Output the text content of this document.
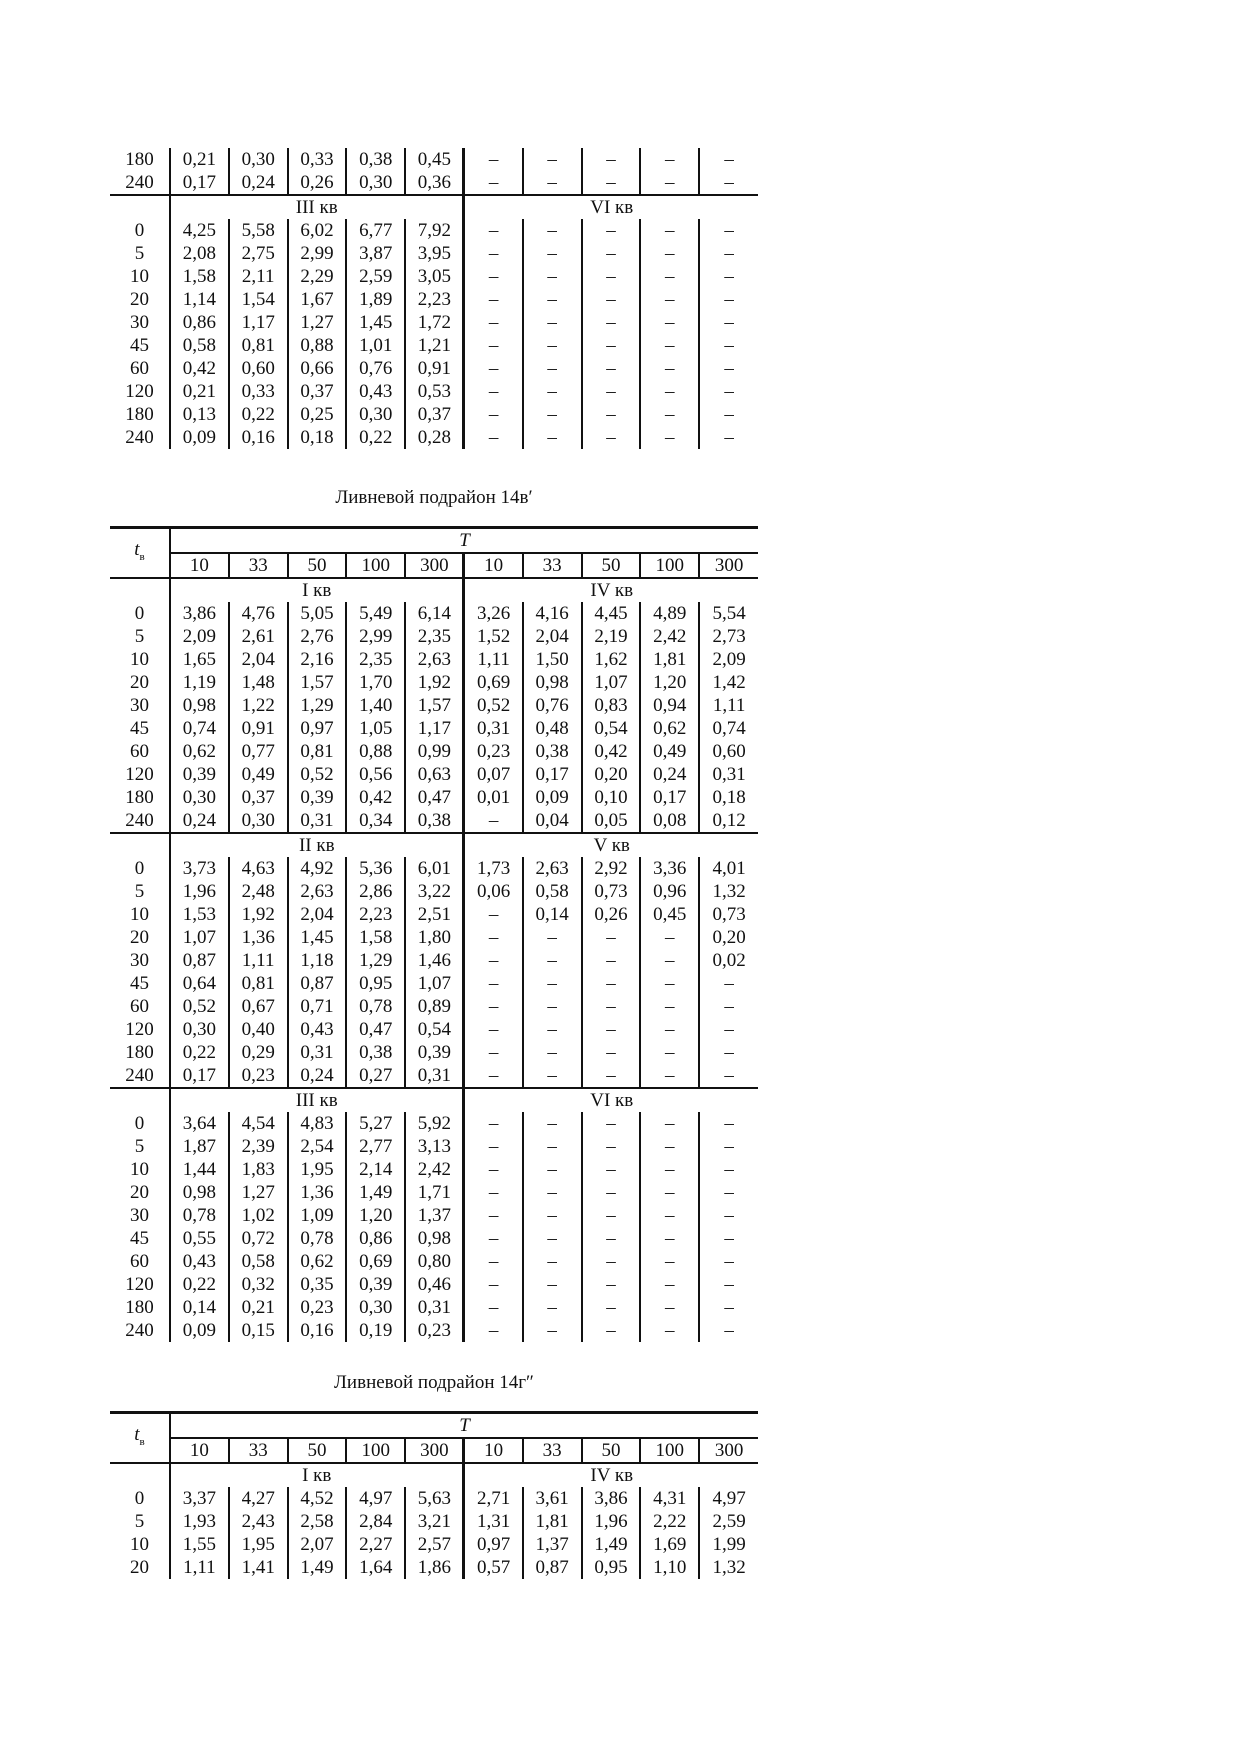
180	0,21	0,30	0,33	0,38	0,45	–	–	–	–	–
240	0,17	0,24	0,26	0,30	0,36	–	–	–	–	–
	III кв					VI кв				
0	4,25	5,58	6,02	6,77	7,92	–	–	–	–	–
5	2,08	2,75	2,99	3,87	3,95	–	–	–	–	–
10	1,58	2,11	2,29	2,59	3,05	–	–	–	–	–
20	1,14	1,54	1,67	1,89	2,23	–	–	–	–	–
30	0,86	1,17	1,27	1,45	1,72	–	–	–	–	–
45	0,58	0,81	0,88	1,01	1,21	–	–	–	–	–
60	0,42	0,60	0,66	0,76	0,91	–	–	–	–	–
120	0,21	0,33	0,37	0,43	0,53	–	–	–	–	–
180	0,13	0,22	0,25	0,30	0,37	–	–	–	–	–
240	0,09	0,16	0,18	0,22	0,28	–	–	–	–	–
Ливневой подрайон 14в′
$t_в$	T									
	10	33	50	100	300	10	33	50	100	300
	I кв					IV кв				
0	3,86	4,76	5,05	5,49	6,14	3,26	4,16	4,45	4,89	5,54
5	2,09	2,61	2,76	2,99	2,35	1,52	2,04	2,19	2,42	2,73
10	1,65	2,04	2,16	2,35	2,63	1,11	1,50	1,62	1,81	2,09
20	1,19	1,48	1,57	1,70	1,92	0,69	0,98	1,07	1,20	1,42
30	0,98	1,22	1,29	1,40	1,57	0,52	0,76	0,83	0,94	1,11
45	0,74	0,91	0,97	1,05	1,17	0,31	0,48	0,54	0,62	0,74
60	0,62	0,77	0,81	0,88	0,99	0,23	0,38	0,42	0,49	0,60
120	0,39	0,49	0,52	0,56	0,63	0,07	0,17	0,20	0,24	0,31
180	0,30	0,37	0,39	0,42	0,47	0,01	0,09	0,10	0,17	0,18
240	0,24	0,30	0,31	0,34	0,38	–	0,04	0,05	0,08	0,12
	II кв					V кв				
0	3,73	4,63	4,92	5,36	6,01	1,73	2,63	2,92	3,36	4,01
5	1,96	2,48	2,63	2,86	3,22	0,06	0,58	0,73	0,96	1,32
10	1,53	1,92	2,04	2,23	2,51	–	0,14	0,26	0,45	0,73
20	1,07	1,36	1,45	1,58	1,80	–	–	–	–	0,20
30	0,87	1,11	1,18	1,29	1,46	–	–	–	–	0,02
45	0,64	0,81	0,87	0,95	1,07	–	–	–	–	–
60	0,52	0,67	0,71	0,78	0,89	–	–	–	–	–
120	0,30	0,40	0,43	0,47	0,54	–	–	–	–	–
180	0,22	0,29	0,31	0,38	0,39	–	–	–	–	–
240	0,17	0,23	0,24	0,27	0,31	–	–	–	–	–
	III кв					VI кв				
0	3,64	4,54	4,83	5,27	5,92	–	–	–	–	–
5	1,87	2,39	2,54	2,77	3,13	–	–	–	–	–
10	1,44	1,83	1,95	2,14	2,42	–	–	–	–	–
20	0,98	1,27	1,36	1,49	1,71	–	–	–	–	–
30	0,78	1,02	1,09	1,20	1,37	–	–	–	–	–
45	0,55	0,72	0,78	0,86	0,98	–	–	–	–	–
60	0,43	0,58	0,62	0,69	0,80	–	–	–	–	–
120	0,22	0,32	0,35	0,39	0,46	–	–	–	–	–
180	0,14	0,21	0,23	0,30	0,31	–	–	–	–	–
240	0,09	0,15	0,16	0,19	0,23	–	–	–	–	–
Ливневой подрайон 14г″
$t_в$	T									
	10	33	50	100	300	10	33	50	100	300
	I кв					IV кв				
0	3,37	4,27	4,52	4,97	5,63	2,71	3,61	3,86	4,31	4,97
5	1,93	2,43	2,58	2,84	3,21	1,31	1,81	1,96	2,22	2,59
10	1,55	1,95	2,07	2,27	2,57	0,97	1,37	1,49	1,69	1,99
20	1,11	1,41	1,49	1,64	1,86	0,57	0,87	0,95	1,10	1,32
